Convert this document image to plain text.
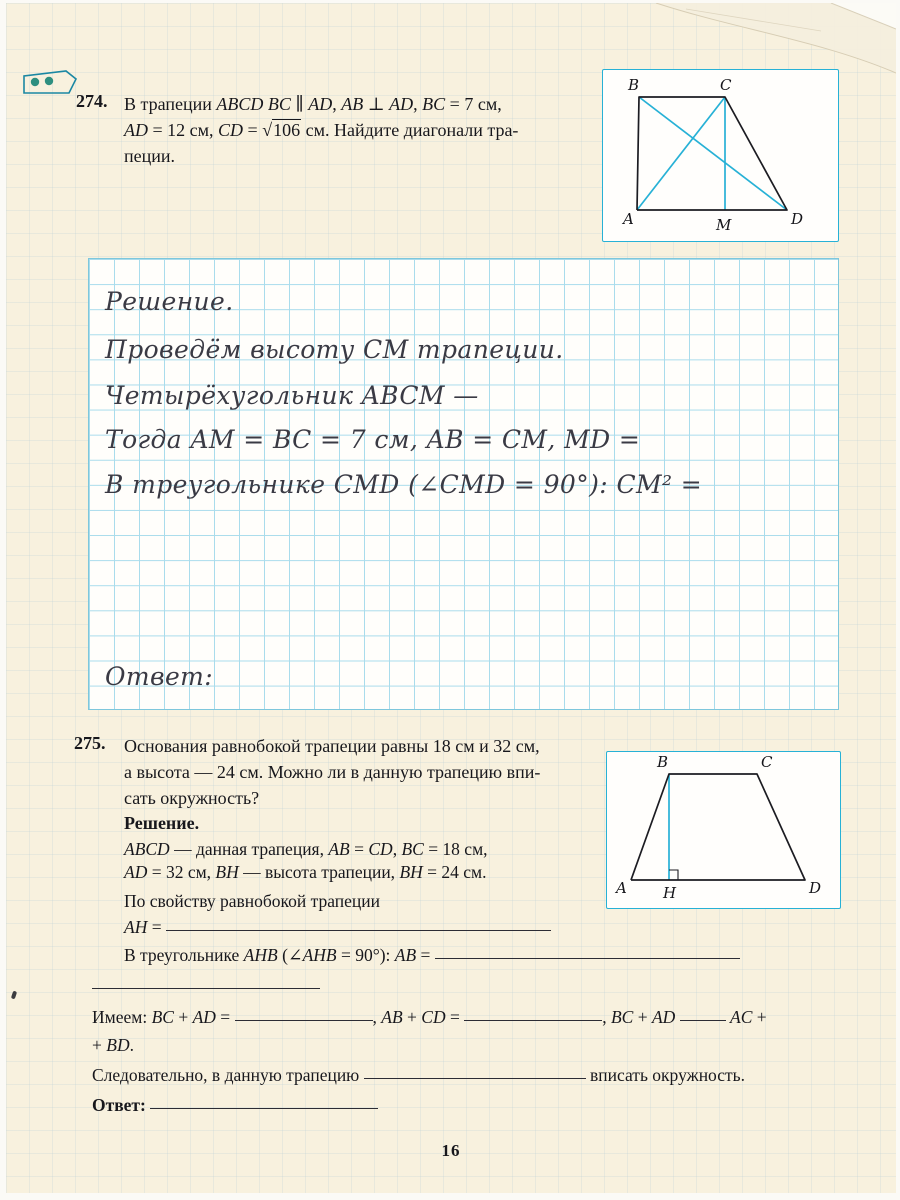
274. В трапеции ABCD BC ∥ AD, AB ⊥ AD, BC = 7 см,
AD = 12 см, CD = √106 см. Найдите диагонали тра-
пеции.
B	C
A	M	D
Решение.
Проведём высоту CM трапеции.
Четырёхугольник ABCM —
Тогда AM = BC = 7 см, AB = CM, MD =
В треугольнике CMD (∠CMD = 90°): CM² =
Ответ:
275. Основания равнобокой трапеции равны 18 см и 32 см,
а высота — 24 см. Можно ли в данную трапецию впи-
сать окружность?
Решение.
ABCD — данная трапеция, AB = CD, BC = 18 см,
AD = 32 см, BH — высота трапеции, BH = 24 см.
По свойству равнобокой трапеции
AH =
В треугольнике AHB (∠AHB = 90°): AB =

Имеем: BC + AD =	, AB + CD =	, BC + AD	AC +
+ BD.
Следовательно, в данную трапецию	вписать окружность.
Ответ:
B	C
A H	D
16
